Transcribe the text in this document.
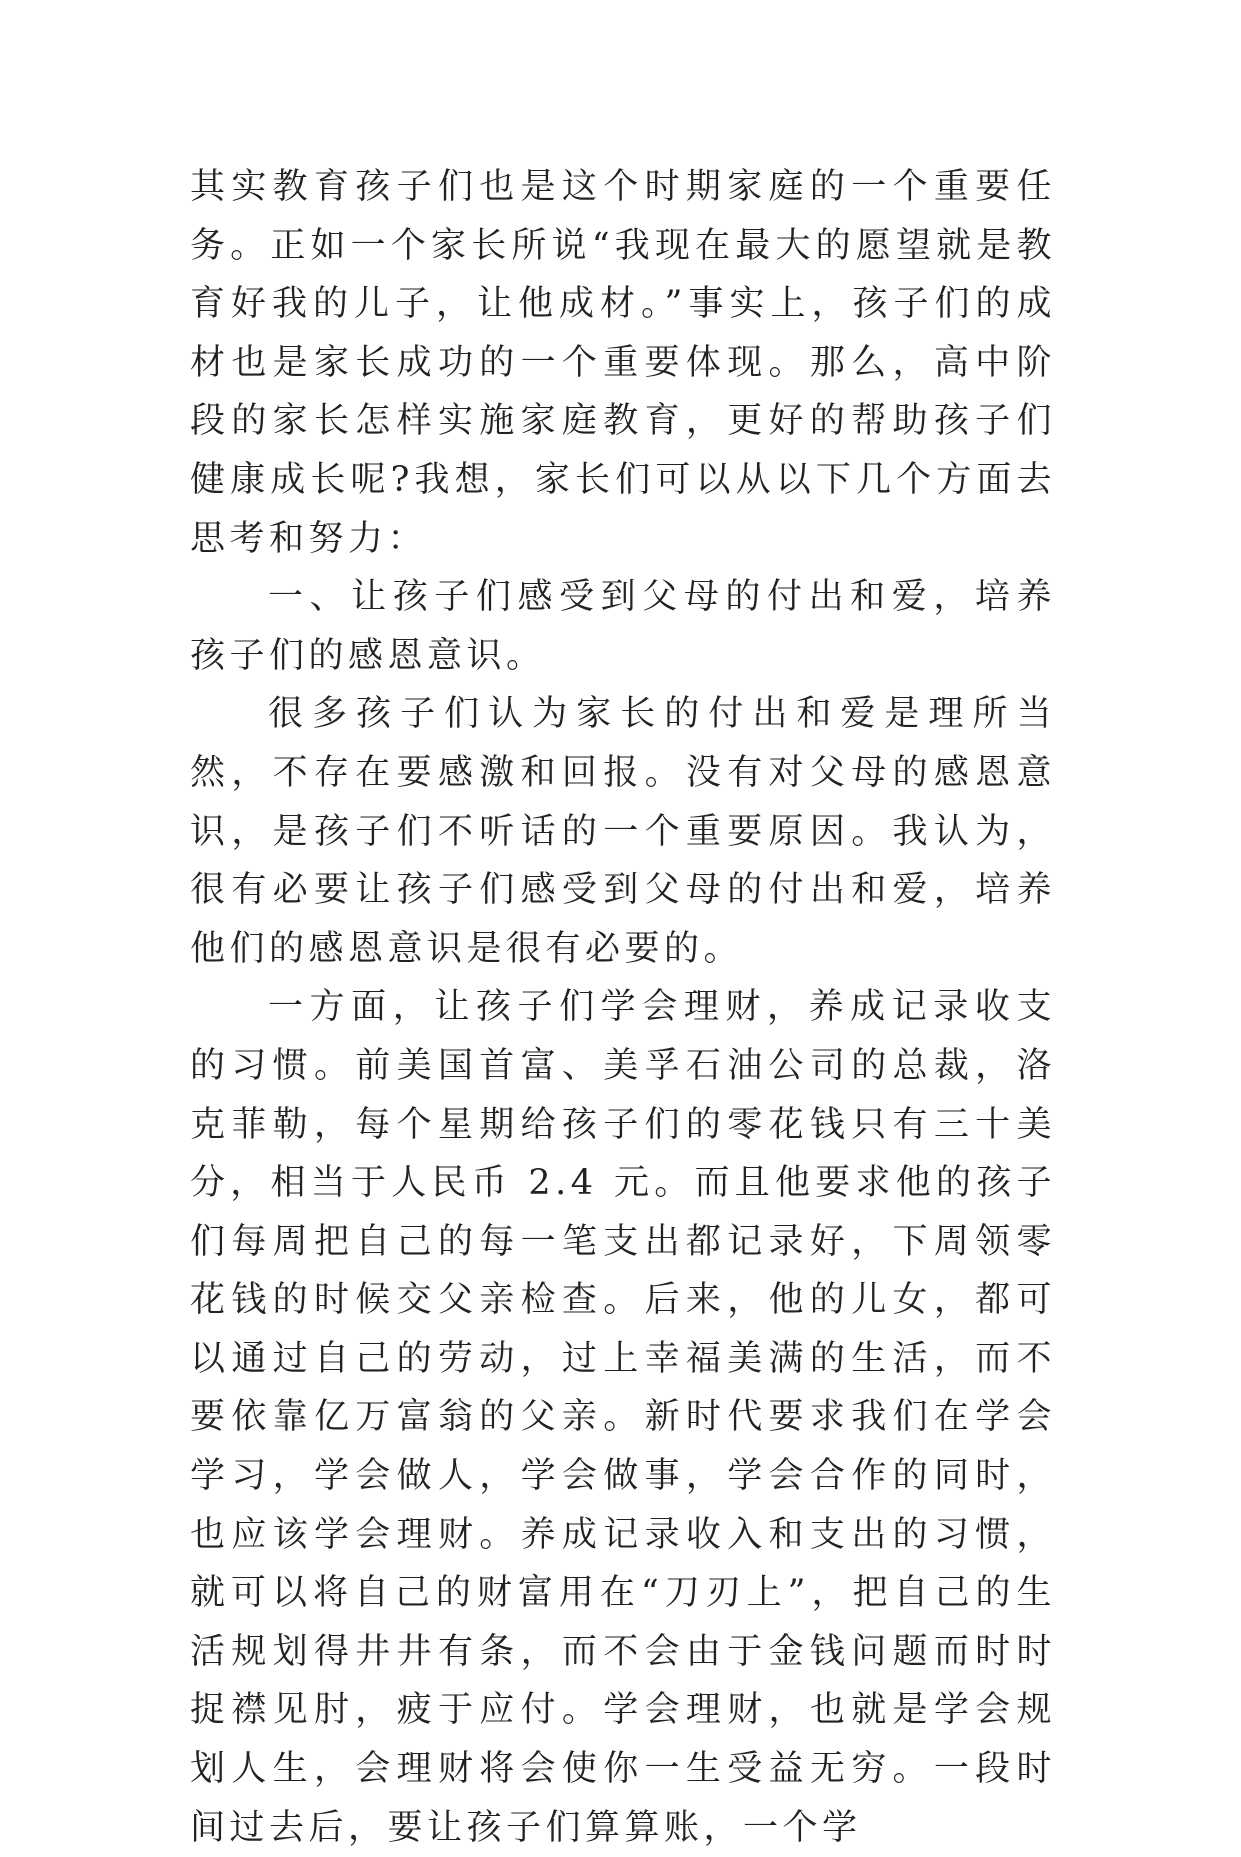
其实教育孩子们也是这个时期家庭的一个重要任务。正如一个家长所说“我现在最大的愿望就是教育好我的儿子，让他成材。”事实上，孩子们的成材也是家长成功的一个重要体现。那么，高中阶段的家长怎样实施家庭教育，更好的帮助孩子们健康成长呢?我想，家长们可以从以下几个方面去思考和努力：

一、让孩子们感受到父母的付出和爱，培养孩子们的感恩意识。

很多孩子们认为家长的付出和爱是理所当然，不存在要感激和回报。没有对父母的感恩意识，是孩子们不听话的一个重要原因。我认为，很有必要让孩子们感受到父母的付出和爱，培养他们的感恩意识是很有必要的。

一方面，让孩子们学会理财，养成记录收支的习惯。前美国首富、美孚石油公司的总裁，洛克菲勒，每个星期给孩子们的零花钱只有三十美分，相当于人民币 2.4 元。而且他要求他的孩子们每周把自己的每一笔支出都记录好，下周领零花钱的时候交父亲检查。后来，他的儿女，都可以通过自己的劳动，过上幸福美满的生活，而不要依靠亿万富翁的父亲。新时代要求我们在学会学习，学会做人，学会做事，学会合作的同时，也应该学会理财。养成记录收入和支出的习惯，就可以将自己的财富用在“刀刃上”，把自己的生活规划得井井有条，而不会由于金钱问题而时时捉襟见肘，疲于应付。学会理财，也就是学会规划人生，会理财将会使你一生受益无穷。一段时间过去后，要让孩子们算算账，一个学
